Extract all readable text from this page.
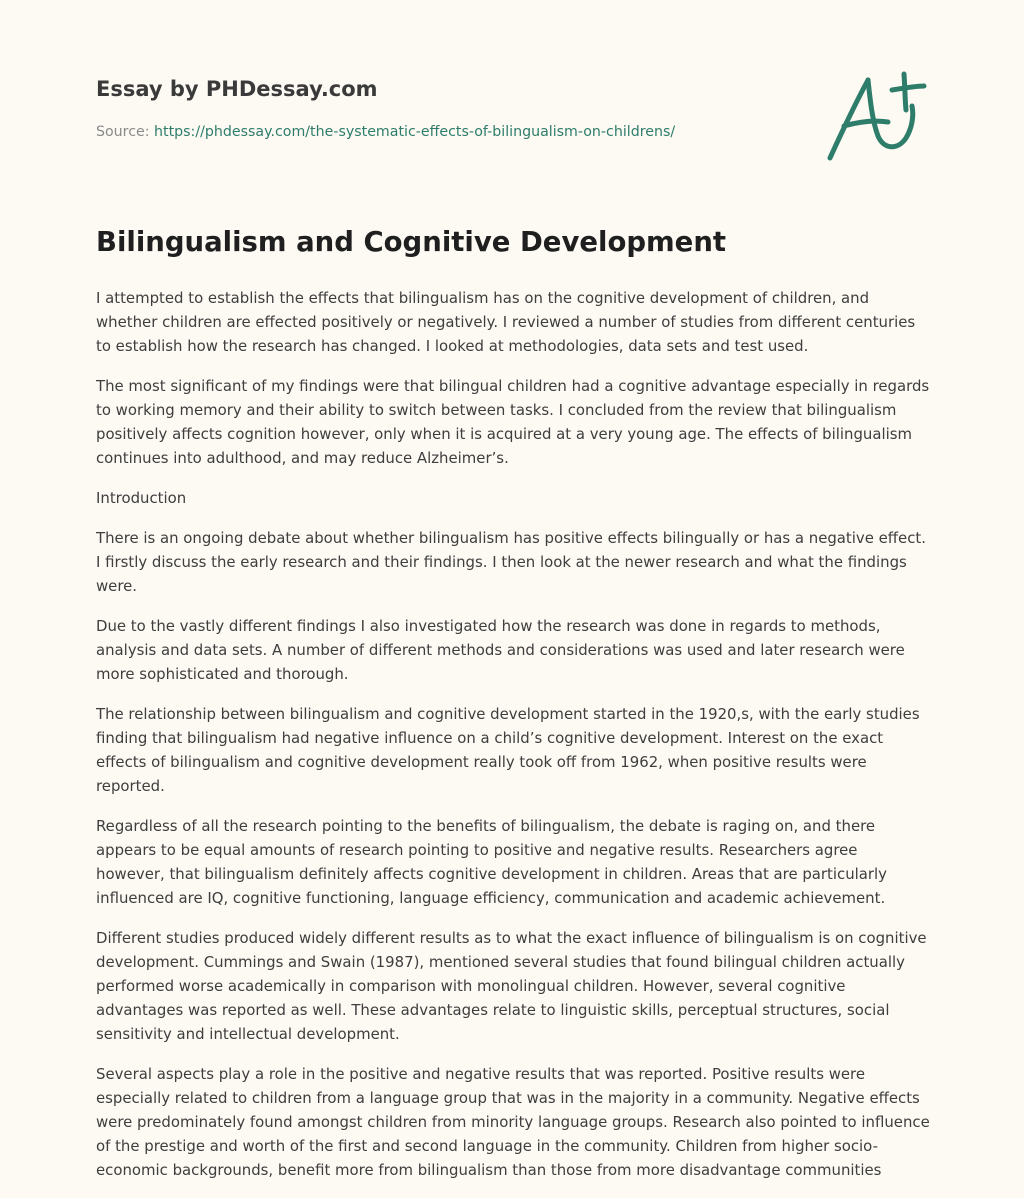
Essay by PHDessay.com
Source: https://phdessay.com/the-systematic-effects-of-bilingualism-on-childrens/
Bilingualism and Cognitive Development

I attempted to establish the effects that bilingualism has on the cognitive development of children, and whether children are effected positively or negatively. I reviewed a number of studies from different centuries to establish how the research has changed. I looked at methodologies, data sets and test used.

The most significant of my findings were that bilingual children had a cognitive advantage especially in regards to working memory and their ability to switch between tasks. I concluded from the review that bilingualism positively affects cognition however, only when it is acquired at a very young age. The effects of bilingualism continues into adulthood, and may reduce Alzheimer’s.

Introduction

There is an ongoing debate about whether bilingualism has positive effects bilingually or has a negative effect. I firstly discuss the early research and their findings. I then look at the newer research and what the findings were.

Due to the vastly different findings I also investigated how the research was done in regards to methods, analysis and data sets. A number of different methods and considerations was used and later research were more sophisticated and thorough.

The relationship between bilingualism and cognitive development started in the 1920,s, with the early studies finding that bilingualism had negative influence on a child’s cognitive development. Interest on the exact effects of bilingualism and cognitive development really took off from 1962, when positive results were reported.

Regardless of all the research pointing to the benefits of bilingualism, the debate is raging on, and there appears to be equal amounts of research pointing to positive and negative results. Researchers agree however, that bilingualism definitely affects cognitive development in children. Areas that are particularly influenced are IQ, cognitive functioning, language efficiency, communication and academic achievement.

Different studies produced widely different results as to what the exact influence of bilingualism is on cognitive development. Cummings and Swain (1987), mentioned several studies that found bilingual children actually performed worse academically in comparison with monolingual children. However, several cognitive advantages was reported as well. These advantages relate to linguistic skills, perceptual structures, social sensitivity and intellectual development.

Several aspects play a role in the positive and negative results that was reported. Positive results were especially related to children from a language group that was in the majority in a community. Negative effects were predominately found amongst children from minority language groups. Research also pointed to influence of the prestige and worth of the first and second language in the community. Children from higher socio-economic backgrounds, benefit more from bilingualism than those from more disadvantage communities
